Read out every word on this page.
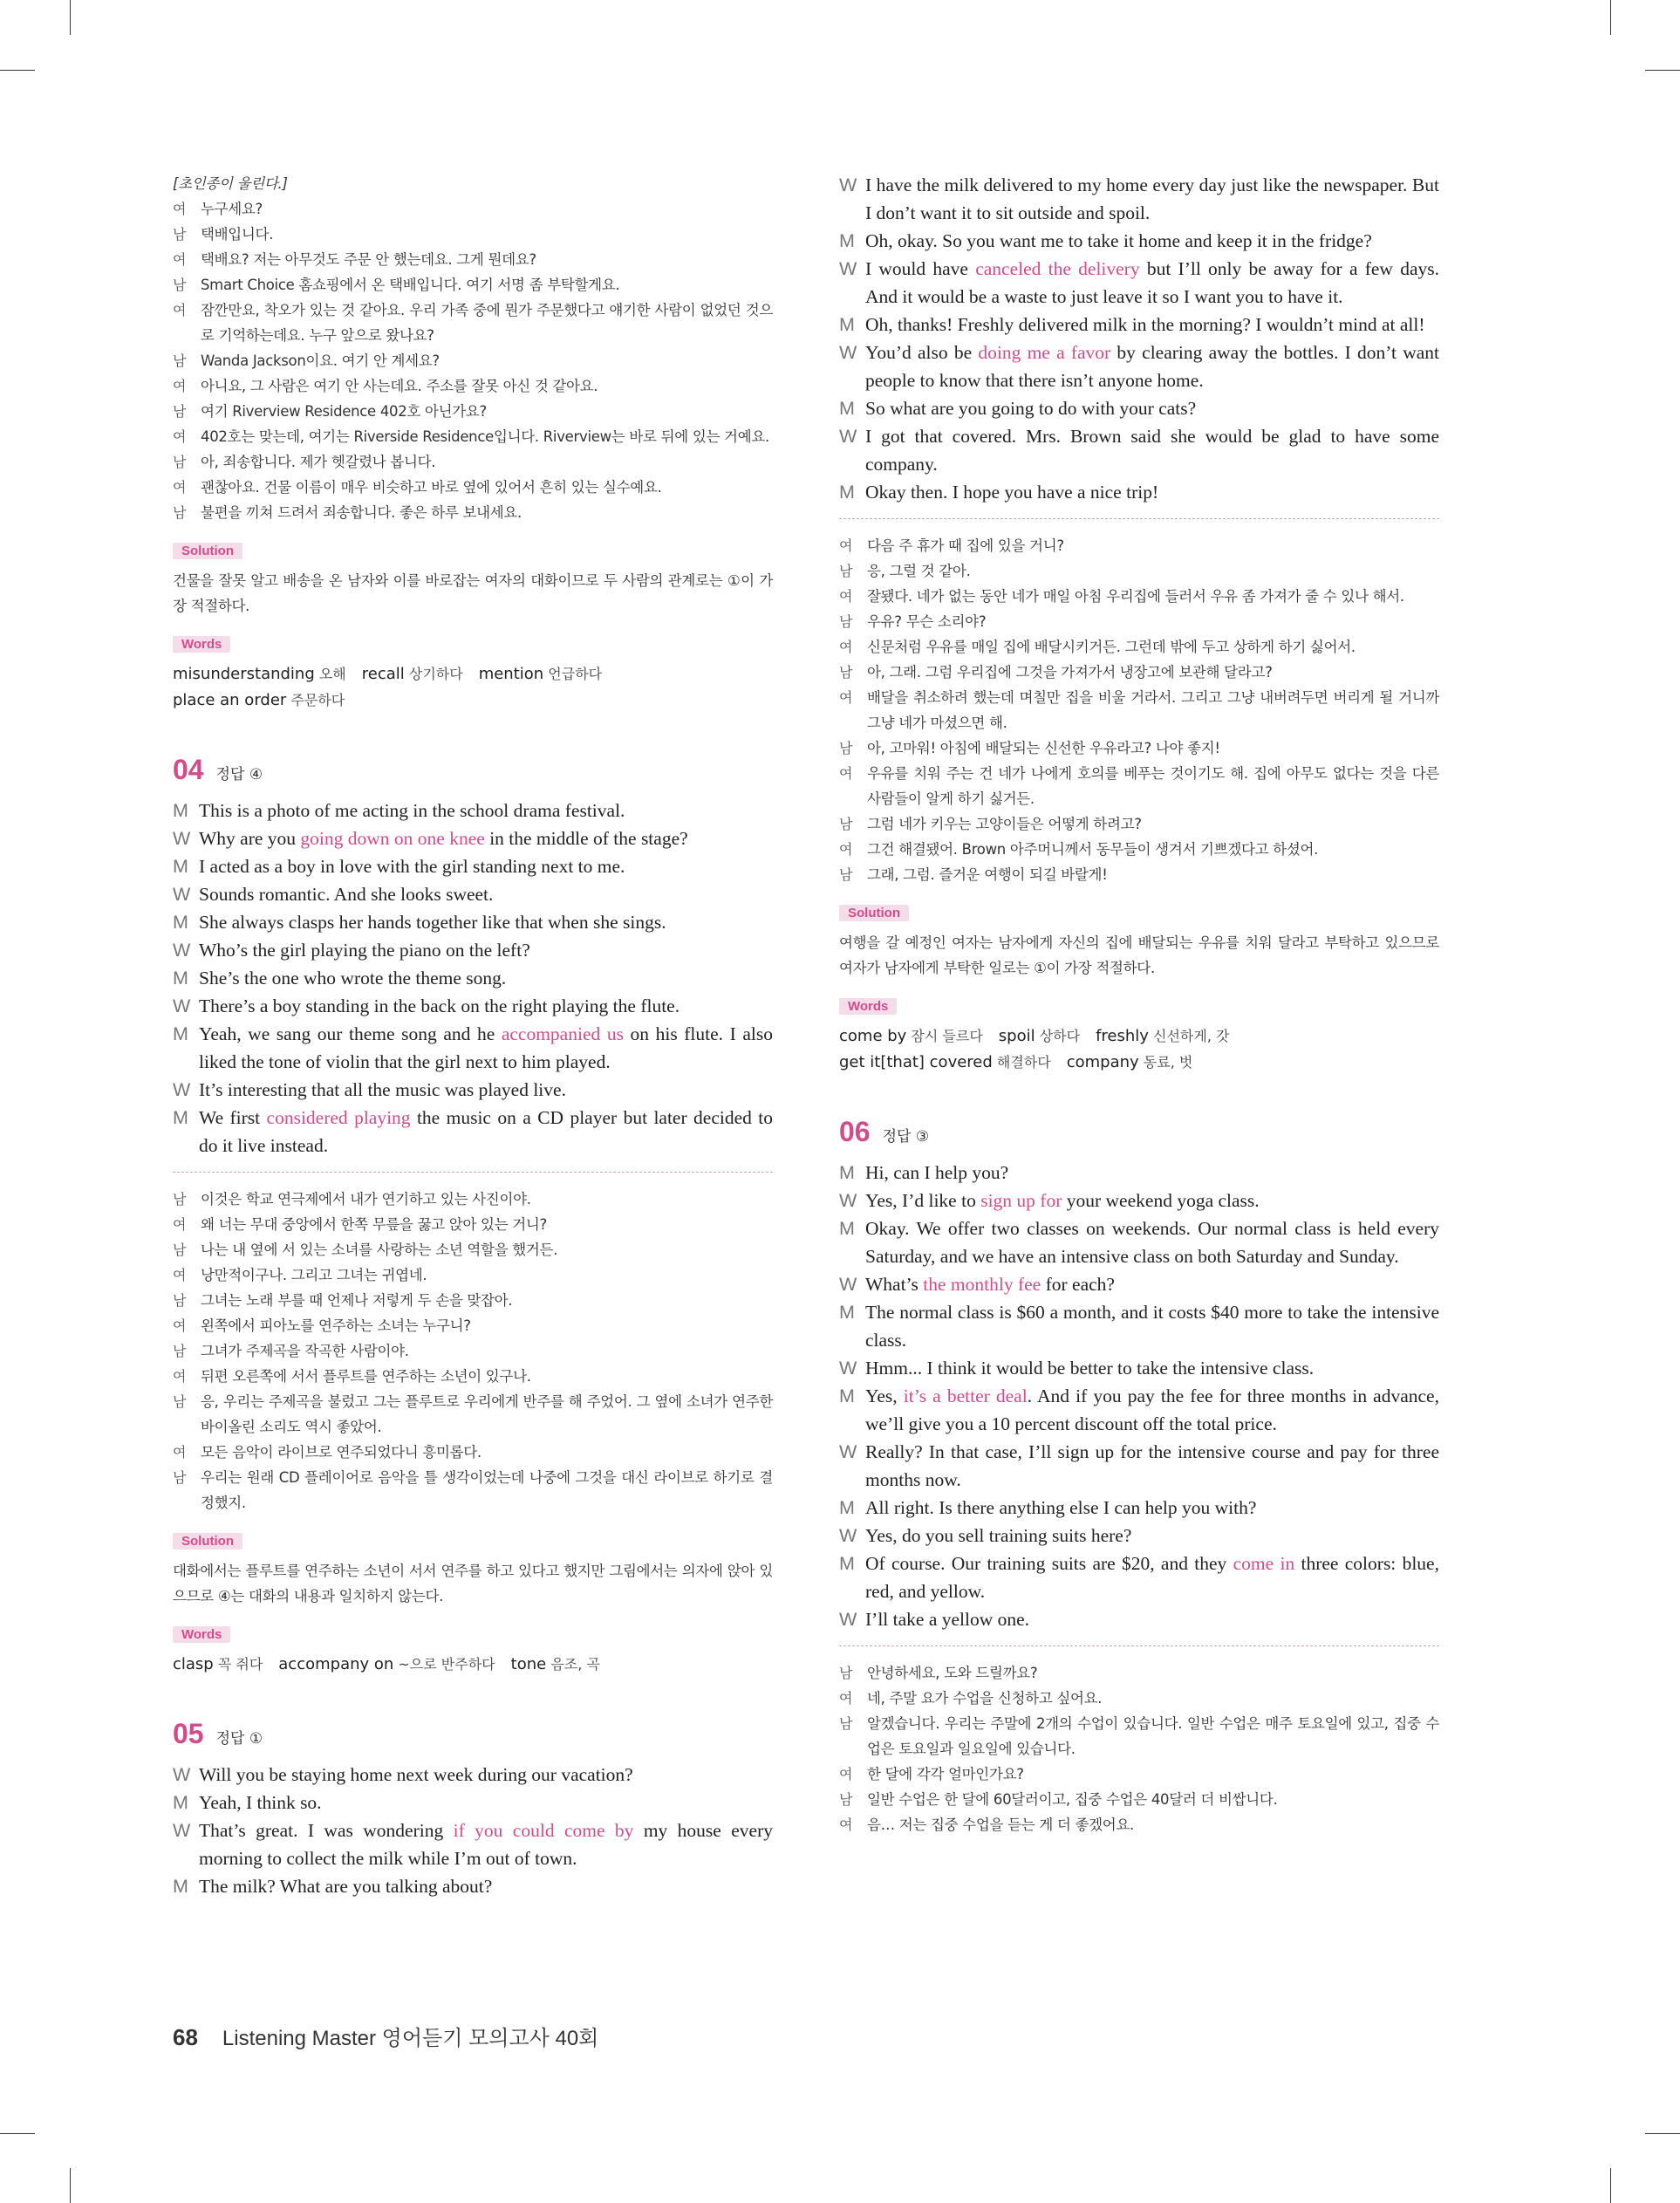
[초인종이 울린다.]
여	누구세요?
남	택배입니다.
여	택배요? 저는 아무것도 주문 안 했는데요. 그게 뭔데요?
남	Smart Choice 홈쇼핑에서 온 택배입니다. 여기 서명 좀 부탁할게요.
여	잠깐만요, 착오가 있는 것 같아요. 우리 가족 중에 뭔가 주문했다고 얘기한 사람이 없었던 것으로 기억하는데요. 누구 앞으로 왔나요?
남	Wanda Jackson이요. 여기 안 계세요?
여	아니요, 그 사람은 여기 안 사는데요. 주소를 잘못 아신 것 같아요.
남	여기 Riverview Residence 402호 아닌가요?
여	402호는 맞는데, 여기는 Riverside Residence입니다. Riverview는 바로 뒤에 있는 거예요.
남	아, 죄송합니다. 제가 헷갈렸나 봅니다.
여	괜찮아요. 건물 이름이 매우 비슷하고 바로 옆에 있어서 흔히 있는 실수예요.
남	불편을 끼쳐 드려서 죄송합니다. 좋은 하루 보내세요.
Solution
건물을 잘못 알고 배송을 온 남자와 이를 바로잡는 여자의 대화이므로 두 사람의 관계로는 ①이 가장 적절하다.
Words
misunderstanding 오해  recall 상기하다  mention 언급하다
place an order 주문하다
04 정답 ④
M This is a photo of me acting in the school drama festival.
W Why are you going down on one knee in the middle of the stage?
M I acted as a boy in love with the girl standing next to me.
W Sounds romantic. And she looks sweet.
M She always clasps her hands together like that when she sings.
W Who’s the girl playing the piano on the left?
M She’s the one who wrote the theme song.
W There’s a boy standing in the back on the right playing the flute.
M Yeah, we sang our theme song and he accompanied us on his flute. I also liked the tone of violin that the girl next to him played.
W It’s interesting that all the music was played live.
M We first considered playing the music on a CD player but later decided to do it live instead.
남	이것은 학교 연극제에서 내가 연기하고 있는 사진이야.
여	왜 너는 무대 중앙에서 한쪽 무릎을 꿇고 앉아 있는 거니?
남	나는 내 옆에 서 있는 소녀를 사랑하는 소년 역할을 했거든.
여	낭만적이구나. 그리고 그녀는 귀엽네.
남	그녀는 노래 부를 때 언제나 저렇게 두 손을 맞잡아.
여	왼쪽에서 피아노를 연주하는 소녀는 누구니?
남	그녀가 주제곡을 작곡한 사람이야.
여	뒤편 오른쪽에 서서 플루트를 연주하는 소년이 있구나.
남	응, 우리는 주제곡을 불렀고 그는 플루트로 우리에게 반주를 해 주었어. 그 옆에 소녀가 연주한 바이올린 소리도 역시 좋았어.
여	모든 음악이 라이브로 연주되었다니 흥미롭다.
남	우리는 원래 CD 플레이어로 음악을 틀 생각이었는데 나중에 그것을 대신 라이브로 하기로 결정했지.
Solution
대화에서는 플루트를 연주하는 소년이 서서 연주를 하고 있다고 했지만 그림에서는 의자에 앉아 있으므로 ④는 대화의 내용과 일치하지 않는다.
Words
clasp 꼭 쥐다  accompany on ~으로 반주하다  tone 음조, 곡
05 정답 ①
W Will you be staying home next week during our vacation?
M Yeah, I think so.
W That’s great. I was wondering if you could come by my house every morning to collect the milk while I’m out of town.
M The milk? What are you talking about?
W I have the milk delivered to my home every day just like the newspaper. But I don’t want it to sit outside and spoil.
M Oh, okay. So you want me to take it home and keep it in the fridge?
W I would have canceled the delivery but I’ll only be away for a few days. And it would be a waste to just leave it so I want you to have it.
M Oh, thanks! Freshly delivered milk in the morning? I wouldn’t mind at all!
W You’d also be doing me a favor by clearing away the bottles. I don’t want people to know that there isn’t anyone home.
M So what are you going to do with your cats?
W I got that covered. Mrs. Brown said she would be glad to have some company.
M Okay then. I hope you have a nice trip!
여	다음 주 휴가 때 집에 있을 거니?
남	응, 그럴 것 같아.
여	잘됐다. 네가 없는 동안 네가 매일 아침 우리집에 들러서 우유 좀 가져가 줄 수 있나 해서.
남	우유? 무슨 소리야?
여	신문처럼 우유를 매일 집에 배달시키거든. 그런데 밖에 두고 상하게 하기 싫어서.
남	아, 그래. 그럼 우리집에 그것을 가져가서 냉장고에 보관해 달라고?
여	배달을 취소하려 했는데 며칠만 집을 비울 거라서. 그리고 그냥 내버려두면 버리게 될 거니까 그냥 네가 마셨으면 해.
남	아, 고마워! 아침에 배달되는 신선한 우유라고? 나야 좋지!
여	우유를 치워 주는 건 네가 나에게 호의를 베푸는 것이기도 해. 집에 아무도 없다는 것을 다른 사람들이 알게 하기 싫거든.
남	그럼 네가 키우는 고양이들은 어떻게 하려고?
여	그건 해결됐어. Brown 아주머니께서 동무들이 생겨서 기쁘겠다고 하셨어.
남	그래, 그럼. 즐거운 여행이 되길 바랄게!
Solution
여행을 갈 예정인 여자는 남자에게 자신의 집에 배달되는 우유를 치워 달라고 부탁하고 있으므로 여자가 남자에게 부탁한 일로는 ①이 가장 적절하다.
Words
come by 잠시 들르다  spoil 상하다  freshly 신선하게, 갓
get it[that] covered 해결하다  company 동료, 벗
06 정답 ③
M Hi, can I help you?
W Yes, I’d like to sign up for your weekend yoga class.
M Okay. We offer two classes on weekends. Our normal class is held every Saturday, and we have an intensive class on both Saturday and Sunday.
W What’s the monthly fee for each?
M The normal class is $60 a month, and it costs $40 more to take the intensive class.
W Hmm... I think it would be better to take the intensive class.
M Yes, it’s a better deal. And if you pay the fee for three months in advance, we’ll give you a 10 percent discount off the total price.
W Really? In that case, I’ll sign up for the intensive course and pay for three months now.
M All right. Is there anything else I can help you with?
W Yes, do you sell training suits here?
M Of course. Our training suits are $20, and they come in three colors: blue, red, and yellow.
W I’ll take a yellow one.
남	안녕하세요, 도와 드릴까요?
여	네, 주말 요가 수업을 신청하고 싶어요.
남	알겠습니다. 우리는 주말에 2개의 수업이 있습니다. 일반 수업은 매주 토요일에 있고, 집중 수업은 토요일과 일요일에 있습니다.
여	한 달에 각각 얼마인가요?
남	일반 수업은 한 달에 60달러이고, 집중 수업은 40달러 더 비쌉니다.
여	음… 저는 집중 수업을 듣는 게 더 좋겠어요.
68 Listening Master 영어듣기 모의고사 40회
